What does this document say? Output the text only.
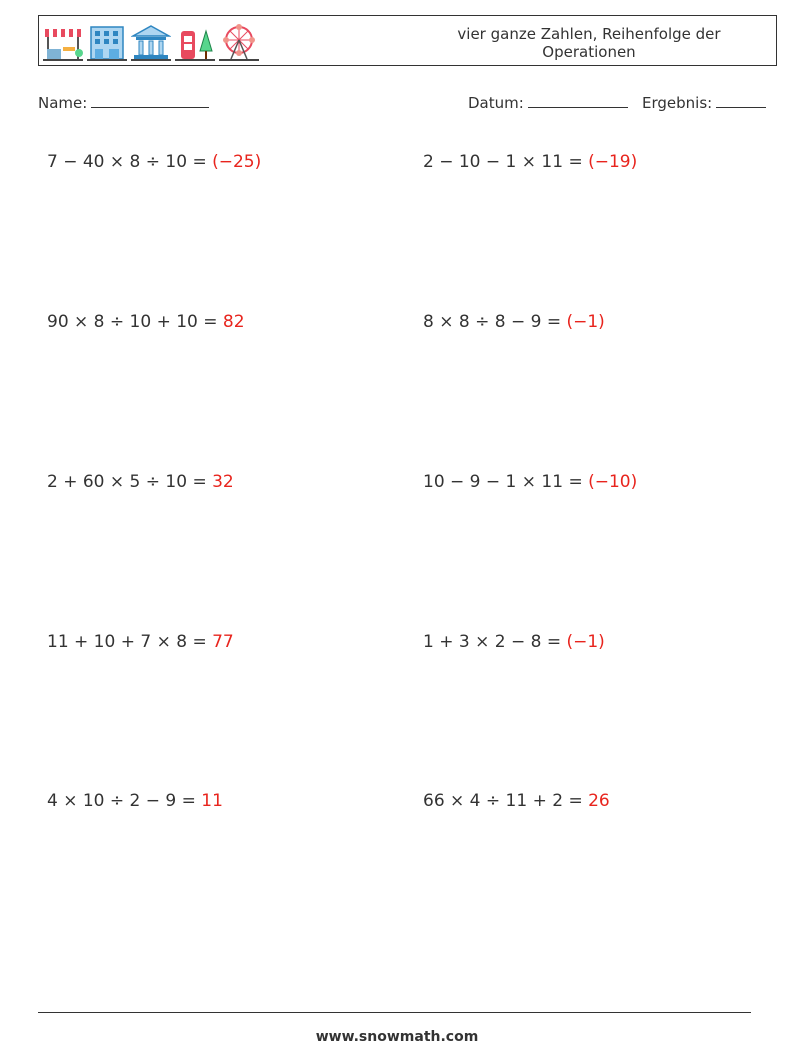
vier ganze Zahlen, Reihenfolge der Operationen
Name:	Datum:	Ergebnis:
7 − 40 × 8 ÷ 10 = (−25)	2 − 10 − 1 × 11 = (−19)
90 × 8 ÷ 10 + 10 = 82	8 × 8 ÷ 8 − 9 = (−1)
2 + 60 × 5 ÷ 10 = 32	10 − 9 − 1 × 11 = (−10)
11 + 10 + 7 × 8 = 77	1 + 3 × 2 − 8 = (−1)
4 × 10 ÷ 2 − 9 = 11	66 × 4 ÷ 11 + 2 = 26
www.snowmath.com
